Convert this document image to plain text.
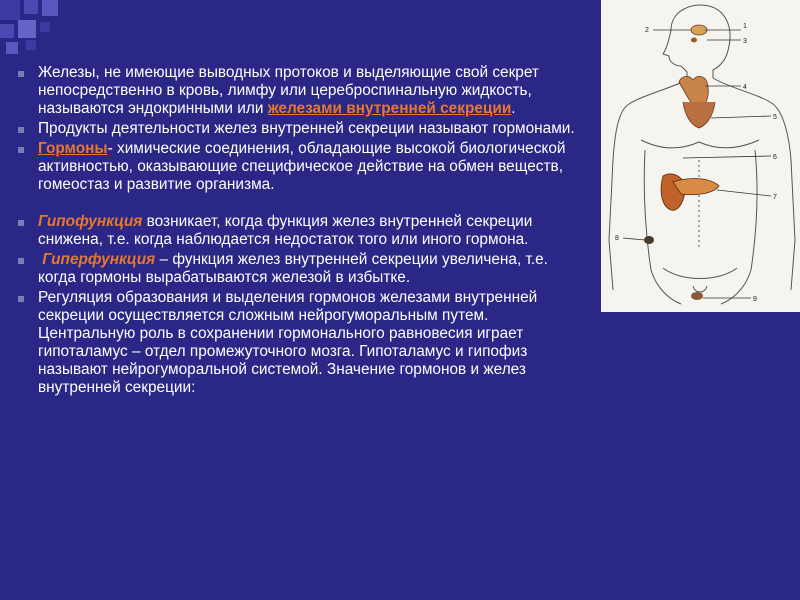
Железы, не имеющие выводных протоков и выделяющие свой секрет непосредственно в кровь, лимфу или цереброспинальную жидкость, называются эндокринными или железами внутренней секреции.

Продукты деятельности желез внутренней секреции называют гормонами.

Гормоны- химические соединения, обладающие высокой биологической активностью, оказывающие специфическое действие на обмен веществ, гомеостаз и развитие организма.

Гипофункция возникает, когда функция желез внутренней секреции снижена, т.е. когда наблюдается недостаток того или иного гормона.

Гиперфункция – функция желез внутренней секреции увеличена, т.е. когда гормоны вырабатываются железой в избытке.

Регуляция образования и выделения гормонов железами внутренней секреции осуществляется сложным нейрогуморальным путем. Центральную роль в сохранении гормонального равновесия играет гипоталамус – отдел промежуточного мозга. Гипоталамус и гипофиз называют нейрогуморальной системой. Значение гормонов и желез внутренней секреции:

2
1
3
4
5
6
7
8
9
